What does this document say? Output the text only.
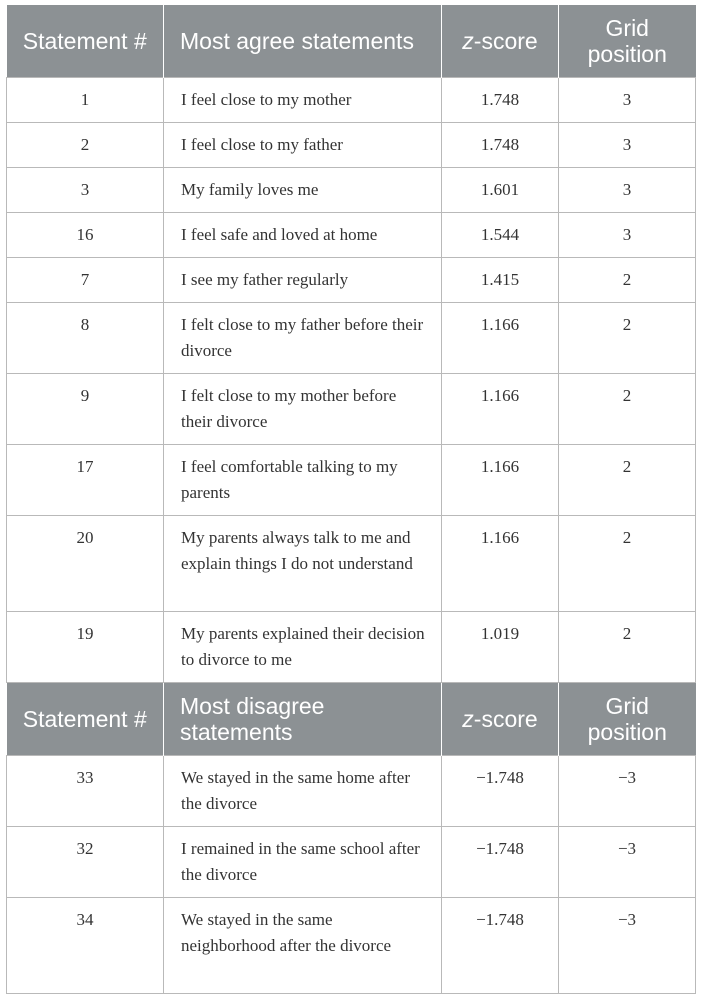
Statement #	Most agree statements	z-score	Grid position
1	I feel close to my mother	1.748	3
2	I feel close to my father	1.748	3
3	My family loves me	1.601	3
16	I feel safe and loved at home	1.544	3
7	I see my father regularly	1.415	2
8	I felt close to my father before their divorce	1.166	2
9	I felt close to my mother before their divorce	1.166	2
17	I feel comfortable talking to my parents	1.166	2
20	My parents always talk to me and explain things I do not understand	1.166	2
19	My parents explained their decision to divorce to me	1.019	2
Statement #	Most disagree statements	z-score	Grid position
33	We stayed in the same home after the divorce	−1.748	−3
32	I remained in the same school after the divorce	−1.748	−3
34	We stayed in the same neighborhood after the divorce	−1.748	−3
